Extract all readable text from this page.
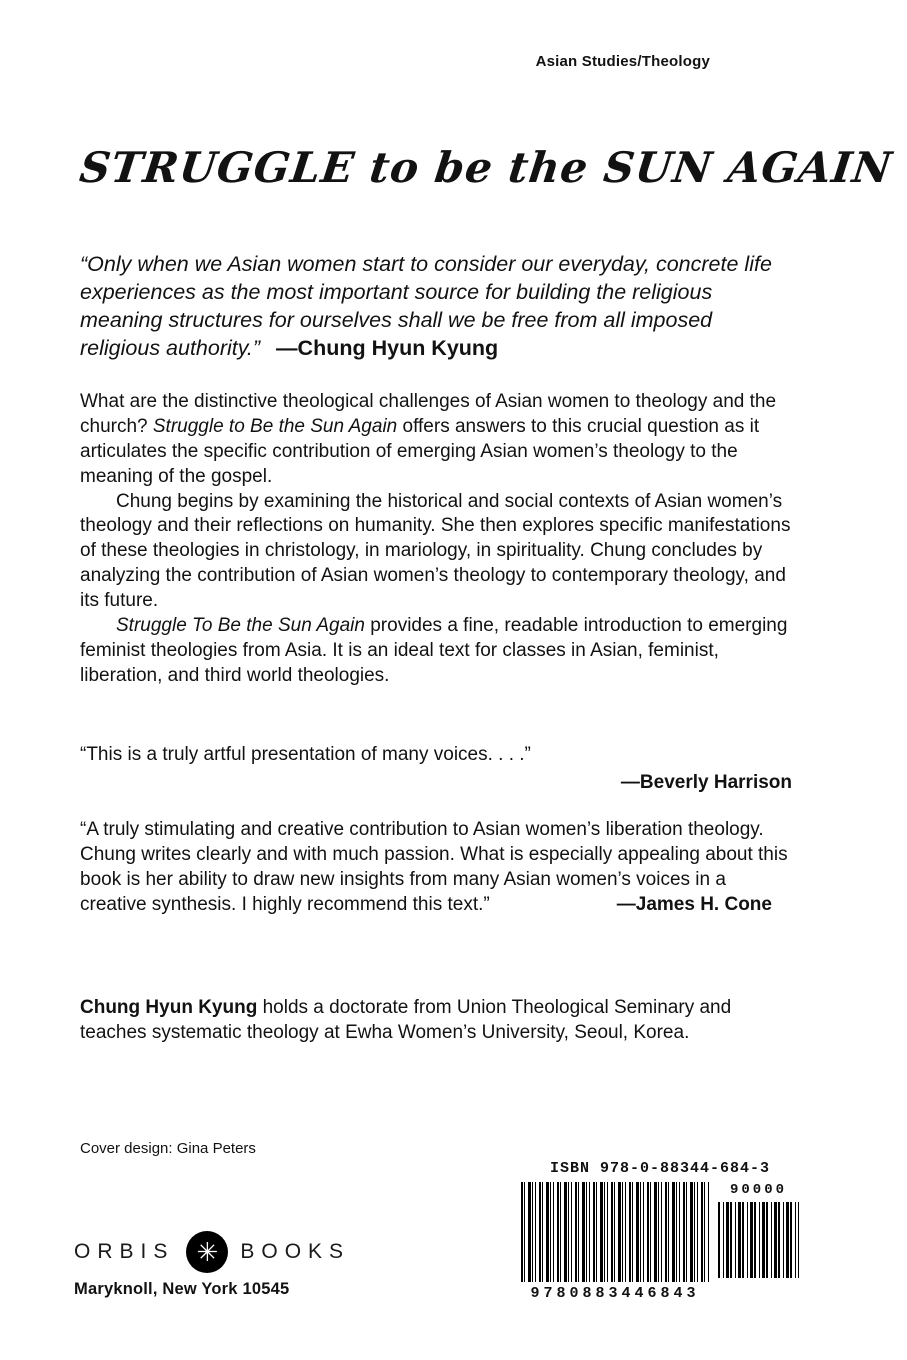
Asian Studies/Theology
STRUGGLE to be the SUN AGAIN
“Only when we Asian women start to consider our everyday, concrete life experiences as the most important source for building the religious meaning structures for ourselves shall we be free from all imposed religious authority.” —Chung Hyun Kyung

What are the distinctive theological challenges of Asian women to theology and the church? Struggle to Be the Sun Again offers answers to this crucial question as it articulates the specific contribution of emerging Asian women’s theology to the meaning of the gospel.

Chung begins by examining the historical and social contexts of Asian women’s theology and their reflections on humanity. She then explores specific manifestations of these theologies in christology, in mariology, in spirituality. Chung concludes by analyzing the contribution of Asian women’s theology to contemporary theology, and its future.

Struggle To Be the Sun Again provides a fine, readable introduction to emerging feminist theologies from Asia. It is an ideal text for classes in Asian, feminist, liberation, and third world theologies.

“This is a truly artful presentation of many voices. . . .”
—Beverly Harrison
“A truly stimulating and creative contribution to Asian women’s liberation theology. Chung writes clearly and with much passion. What is especially appealing about this book is her ability to draw new insights from many Asian women’s voices in a creative synthesis. I highly recommend this text.”	—James H. Cone
Chung Hyun Kyung holds a doctorate from Union Theological Seminary and teaches systematic theology at Ewha Women’s University, Seoul, Korea.
Cover design: Gina Peters
ORBIS ✳ BOOKS
Maryknoll, New York 10545
ISBN 978-0-88344-684-3
9780883446843
90000
